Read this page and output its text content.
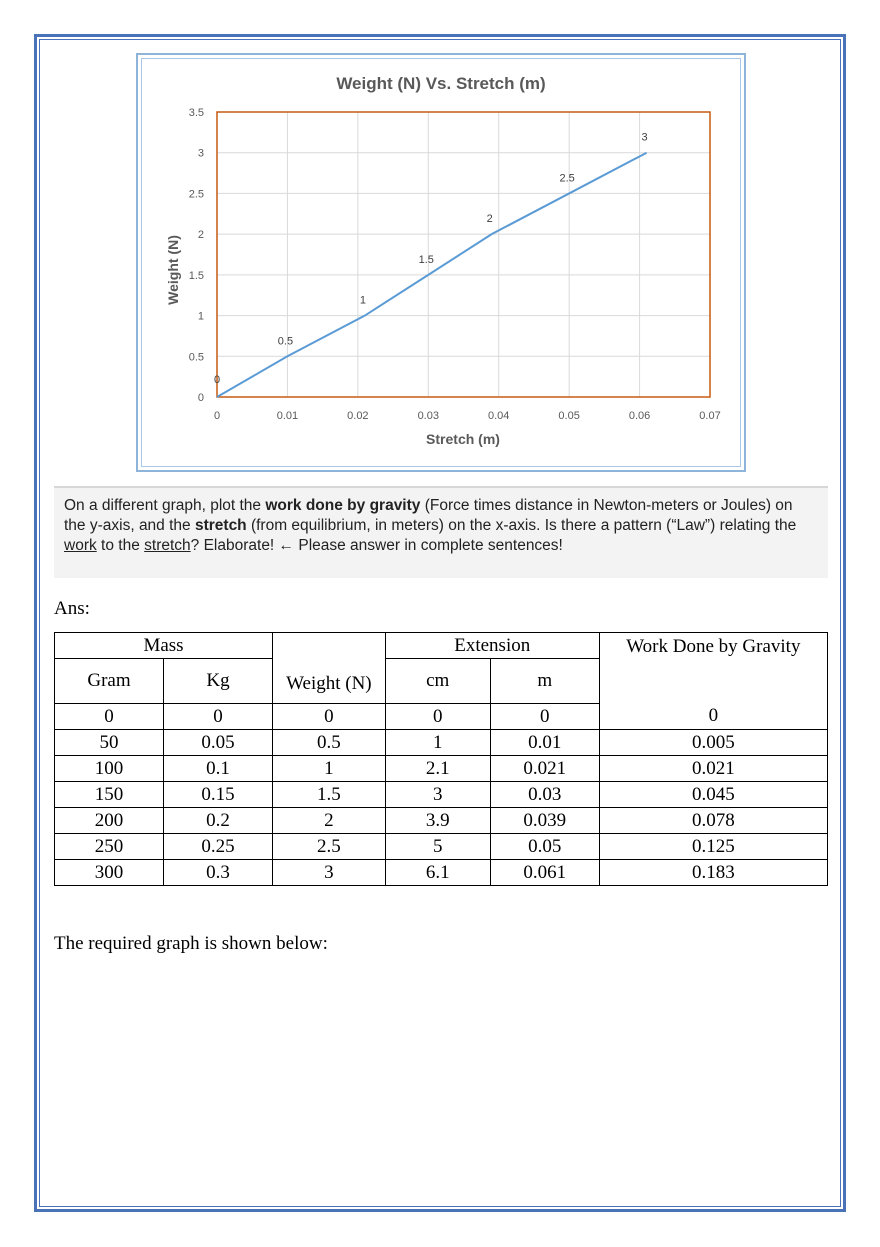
Weight (N) Vs. Stretch (m)
0	0.01	0.02	0.03	0.04	0.05	0.06	0.07
0
0.5
1
1.5
2
2.5
3
3.5
0
0.5
1
1.5
2
2.5
3
Stretch (m)
Weight (N)
On a different graph, plot the work done by gravity (Force times distance in Newton-meters or Joules) on the y-axis, and the stretch (from equilibrium, in meters) on the x-axis. Is there a pattern (“Law”) relating the work to the stretch? Elaborate! ← Please answer in complete sentences!
Ans:
Mass		Weight (N)	Extension		Work Done by Gravity
Gram	Kg		cm	m	
0	0	0	0	0	0
50	0.05	0.5	1	0.01	0.005
100	0.1	1	2.1	0.021	0.021
150	0.15	1.5	3	0.03	0.045
200	0.2	2	3.9	0.039	0.078
250	0.25	2.5	5	0.05	0.125
300	0.3	3	6.1	0.061	0.183
The required graph is shown below:
